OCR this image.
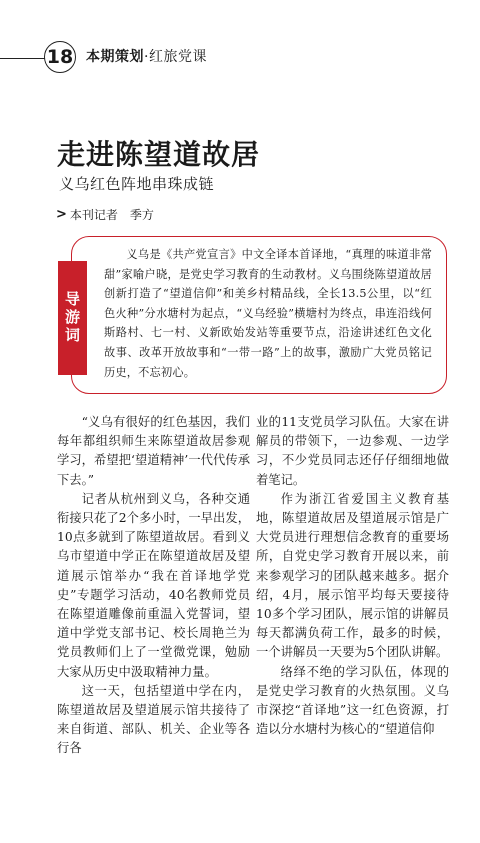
18 本期策划·红旅党课
走进陈望道故居
义乌红色阵地串珠成链
> 本刊记者 季方
导游词
义乌是《共产党宣言》中文全译本首译地，“真理的味道非常甜”家喻户晓，是党史学习教育的生动教材。义乌围绕陈望道故居创新打造了“望道信仰”和美乡村精品线，全长13.5公里，以“红色火种”分水塘村为起点，“义乌经验”横塘村为终点，串连沿线何斯路村、七一村、义新欧始发站等重要节点，沿途讲述红色文化故事、改革开放故事和“一带一路”上的故事，激励广大党员铭记历史，不忘初心。

“义乌有很好的红色基因，我们每年都组织师生来陈望道故居参观学习，希望把‘望道精神’一代代传承下去。”

记者从杭州到义乌，各种交通衔接只花了2个多小时，一早出发，10点多就到了陈望道故居。看到义乌市望道中学正在陈望道故居及望道展示馆举办“我在首译地学党史”专题学习活动，40名教师党员在陈望道雕像前重温入党誓词，望道中学党支部书记、校长周艳兰为党员教师们上了一堂微党课，勉励大家从历史中汲取精神力量。

这一天，包括望道中学在内，陈望道故居及望道展示馆共接待了来自街道、部队、机关、企业等各行各

业的11支党员学习队伍。大家在讲解员的带领下，一边参观、一边学习，不少党员同志还仔仔细细地做着笔记。

作为浙江省爱国主义教育基地，陈望道故居及望道展示馆是广大党员进行理想信念教育的重要场所，自党史学习教育开展以来，前来参观学习的团队越来越多。据介绍，4月，展示馆平均每天要接待10多个学习团队，展示馆的讲解员每天都满负荷工作，最多的时候，一个讲解员一天要为5个团队讲解。

络绎不绝的学习队伍，体现的是党史学习教育的火热氛围。义乌市深挖“首译地”这一红色资源，打造以分水塘村为核心的“望道信仰
